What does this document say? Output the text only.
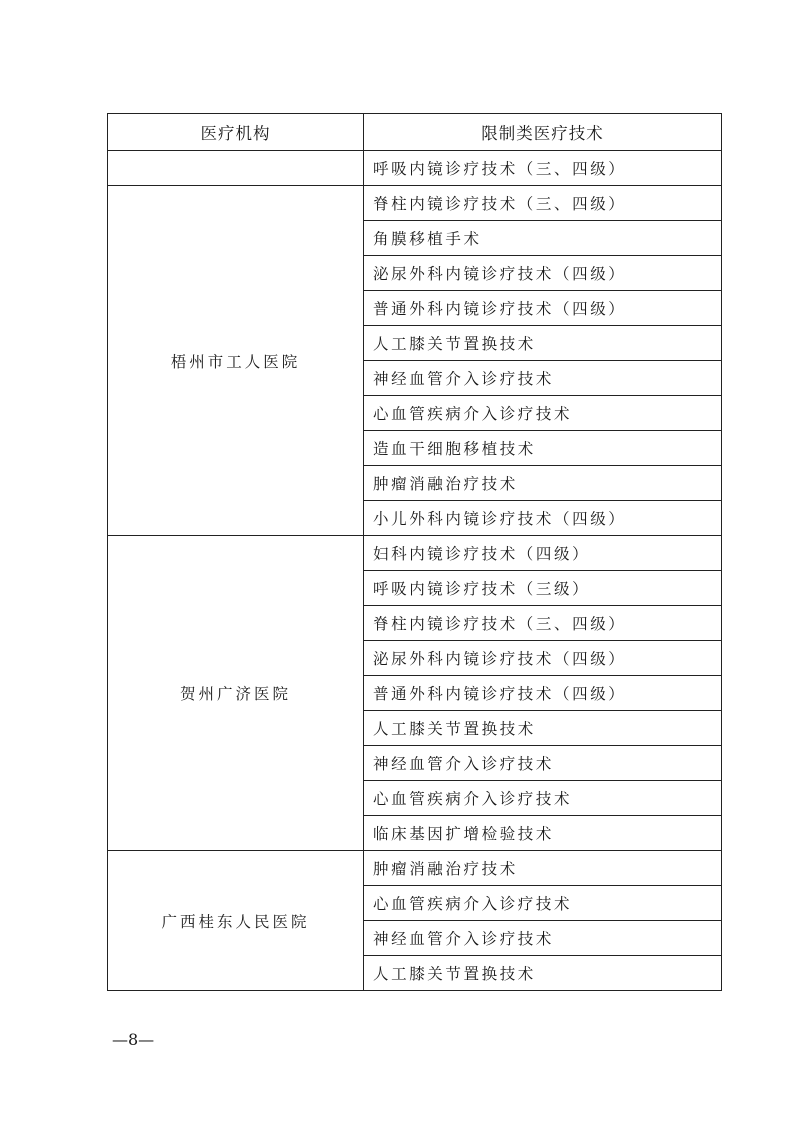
医疗机构	限制类医疗技术
	呼吸内镜诊疗技术（三、四级）
梧州市工人医院	脊柱内镜诊疗技术（三、四级）
	角膜移植手术
	泌尿外科内镜诊疗技术（四级）
	普通外科内镜诊疗技术（四级）
	人工膝关节置换技术
	神经血管介入诊疗技术
	心血管疾病介入诊疗技术
	造血干细胞移植技术
	肿瘤消融治疗技术
	小儿外科内镜诊疗技术（四级）
贺州广济医院	妇科内镜诊疗技术（四级）
	呼吸内镜诊疗技术（三级）
	脊柱内镜诊疗技术（三、四级）
	泌尿外科内镜诊疗技术（四级）
	普通外科内镜诊疗技术（四级）
	人工膝关节置换技术
	神经血管介入诊疗技术
	心血管疾病介入诊疗技术
	临床基因扩增检验技术
广西桂东人民医院	肿瘤消融治疗技术
	心血管疾病介入诊疗技术
	神经血管介入诊疗技术
	人工膝关节置换技术
—8—
